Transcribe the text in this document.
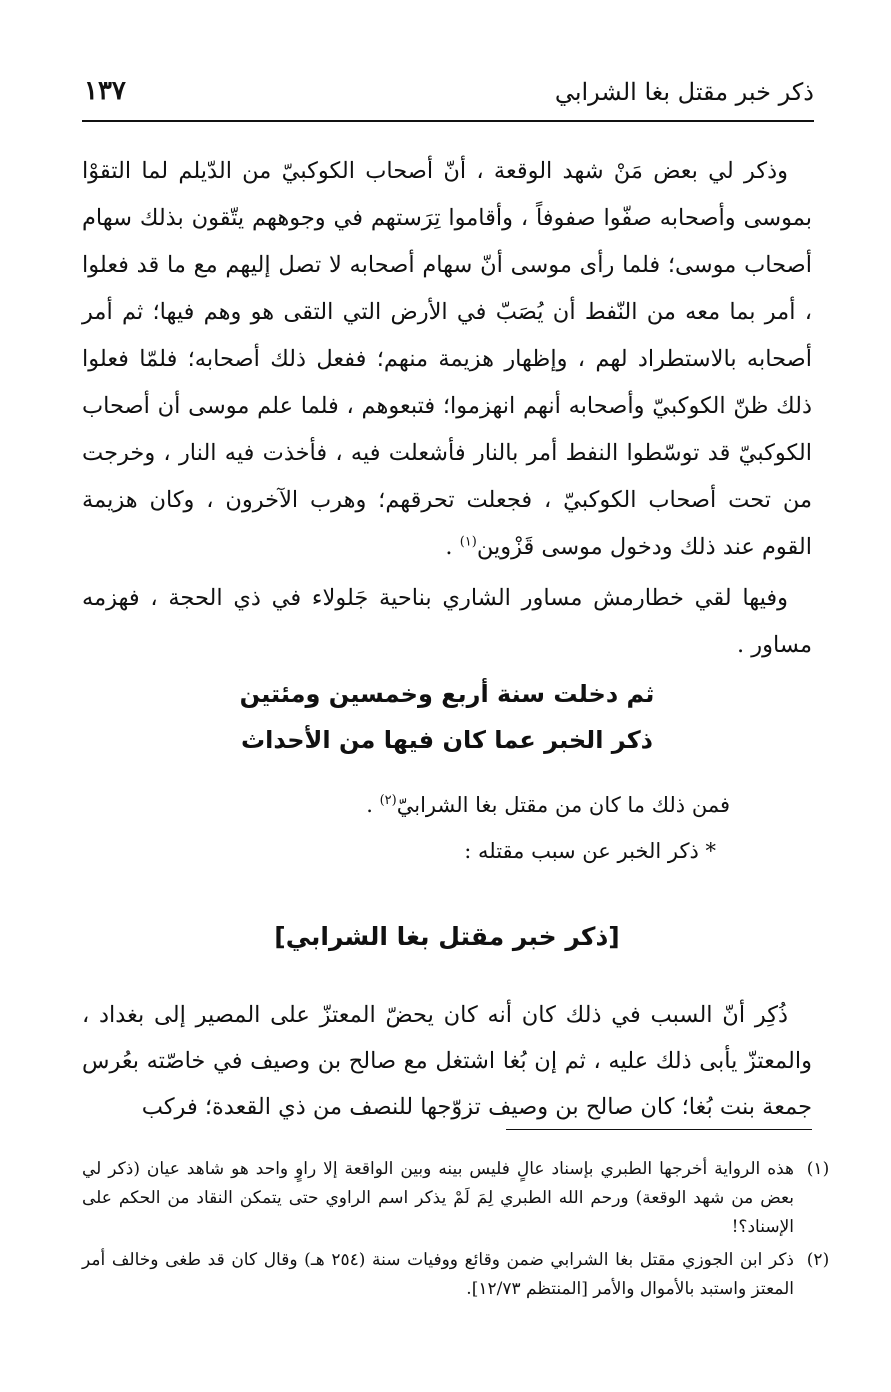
ذكر خبر مقتل بغا الشرابي
١٣٧

وذكر لي بعض مَنْ شهد الوقعة ، أنّ أصحاب الكوكبيّ من الدّيلم لما التقوْا بموسى وأصحابه صفّوا صفوفاً ، وأقاموا تِرَستهم في وجوههم يتّقون بذلك سهام أصحاب موسى؛ فلما رأى موسى أنّ سهام أصحابه لا تصل إليهم مع ما قد فعلوا ، أمر بما معه من النّفط أن يُصَبّ في الأرض التي التقى هو وهم فيها؛ ثم أمر أصحابه بالاستطراد لهم ، وإظهار هزيمة منهم؛ ففعل ذلك أصحابه؛ فلمّا فعلوا ذلك ظنّ الكوكبيّ وأصحابه أنهم انهزموا؛ فتبعوهم ، فلما علم موسى أن أصحاب الكوكبيّ قد توسّطوا النفط أمر بالنار فأشعلت فيه ، فأخذت فيه النار ، وخرجت من تحت أصحاب الكوكبيّ ، فجعلت تحرقهم؛ وهرب الآخرون ، وكان هزيمة القوم عند ذلك ودخول موسى قَزْوين$^{(١)}$ .

وفيها لقي خطارمش مساور الشاري بناحية جَلولاء في ذي الحجة ، فهزمه مساور .

ثم دخلت سنة أربع وخمسين ومئتين

ذكر الخبر عما كان فيها من الأحداث

فمن ذلك ما كان من مقتل بغا الشرابيّ$^{(٢)}$ .

* ذكر الخبر عن سبب مقتله :

[ذكر خبر مقتل بغا الشرابي]

ذُكِر أنّ السبب في ذلك كان أنه كان يحضّ المعتزّ على المصير إلى بغداد ، والمعتزّ يأبى ذلك عليه ، ثم إن بُغا اشتغل مع صالح بن وصيف في خاصّته بعُرس جمعة بنت بُغا؛ كان صالح بن وصيف تزوّجها للنصف من ذي القعدة؛ فركب

(١)
هذه الرواية أخرجها الطبري بإسناد عالٍ فليس بينه وبين الواقعة إلا راوٍ واحد هو شاهد عيان (ذكر لي بعض من شهد الوقعة) ورحم الله الطبري لِمَ لَمْ يذكر اسم الراوي حتى يتمكن النقاد من الحكم على الإسناد؟!
(٢)
ذكر ابن الجوزي مقتل بغا الشرابي ضمن وقائع ووفيات سنة (٢٥٤ هـ) وقال كان قد طغى وخالف أمر المعتز واستبد بالأموال والأمر [المنتظم ١٢/٧٣].
